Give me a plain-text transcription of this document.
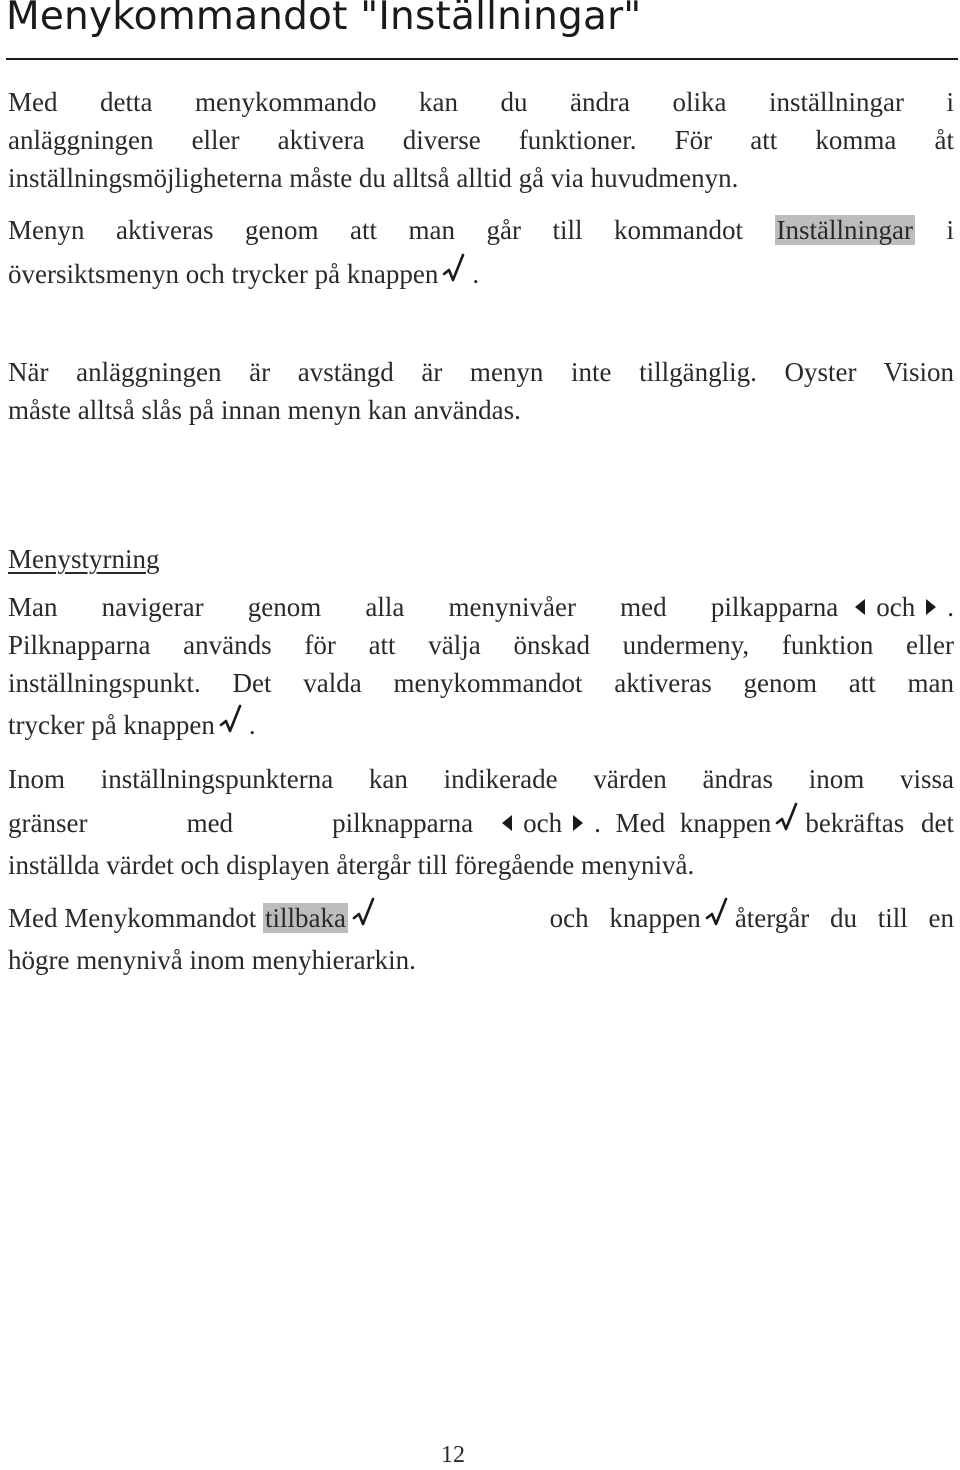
Menykommandot "Inställningar"
Med detta menykommando kan du ändra olika inställningar i
anläggningen eller aktivera diverse funktioner. För att komma åt
inställningsmöjligheterna måste du alltså alltid gå via huvudmenyn.
Menyn aktiveras genom att man går till kommandot Inställningar i
översiktsmenyn och trycker på knappen .
När anläggningen är avstängd är menyn inte tillgänglig. Oyster Vision
måste alltså slås på innan menyn kan användas.
Menystyrning
Man navigerar genom alla menynivåer med pilkapparna	och .
Pilknapparna används för att välja önskad undermeny, funktion eller
inställningspunkt. Det valda menykommandot aktiveras genom att man
trycker på knappen .
Inom inställningspunkterna kan indikerade värden ändras inom vissa
gränser med pilknapparna	och . Med knappen bekräftas det
inställda värdet och displayen återgår till föregående menynivå.
Med Menykommandot tillbaka	och knappen återgår du till en
högre menynivå inom menyhierarkin.
12
